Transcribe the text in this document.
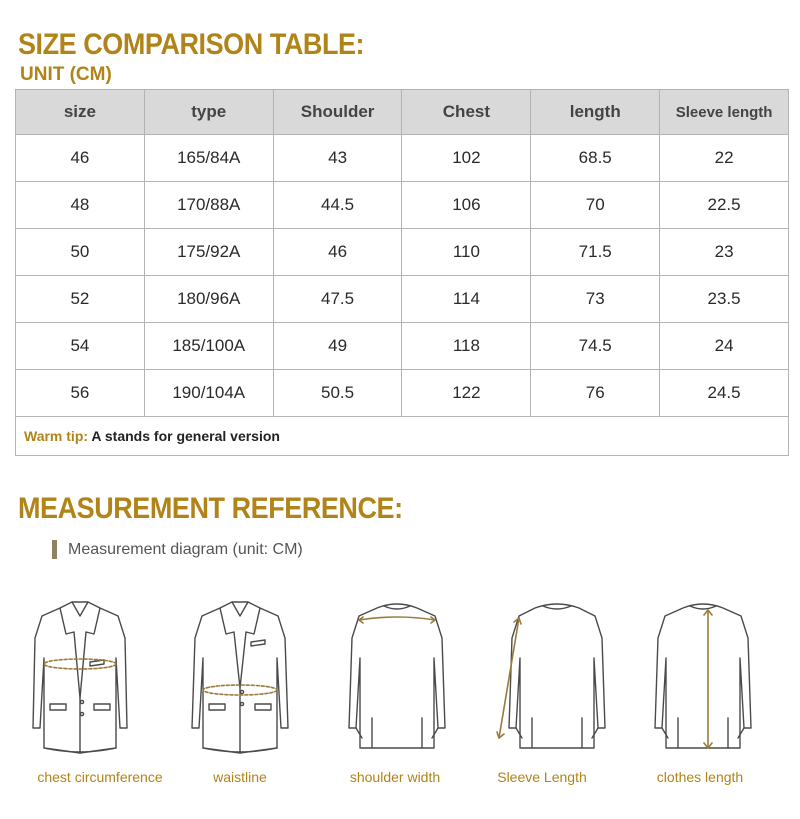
SIZE COMPARISON TABLE:
UNIT (CM)
size	type	Shoulder	Chest	length	Sleeve length
46	165/84A	43	102	68.5	22
48	170/88A	44.5	106	70	22.5
50	175/92A	46	110	71.5	23
52	180/96A	47.5	114	73	23.5
54	185/100A	49	118	74.5	24
56	190/104A	50.5	122	76	24.5
Warm tip: A stands for general version					
MEASUREMENT REFERENCE:
Measurement diagram (unit: CM)
chest circumference	waistline	shoulder width	Sleeve Length	clothes length
